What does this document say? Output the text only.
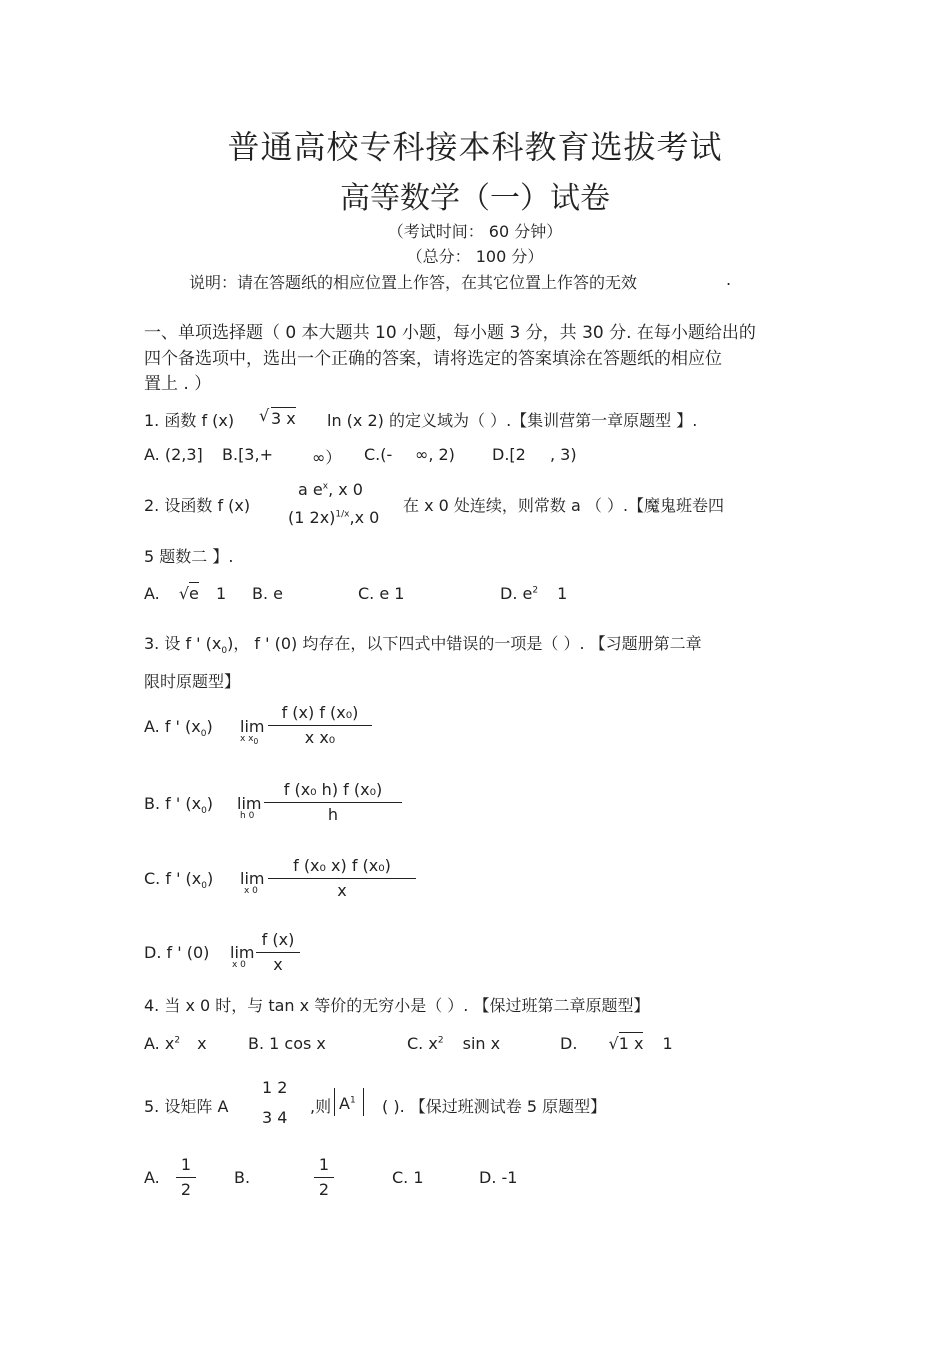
普通高校专科接本科教育选拔考试
高等数学（一）试卷
（考试时间： 60 分钟）
（总分： 100 分）
说明：请在答题纸的相应位置上作答，在其它位置上作答的无效	.
一、单项选择题（ 0 本大题共 10 小题，每小题 3 分，共 30 分. 在每小题给出的
四个备选项中，选出一个正确的答案，请将选定的答案填涂在答题纸的相应位
置上 . ）
1. 函数 f (x) √ 3 x ln (x 2) 的定义域为（ ）.【集训营第一章原题型 】.
A. (2,3] B.[3,+ ∞） C.(- ∞, 2) D.[2 , 3)
2. 设函数 f (x)
a $e^x$, x 0
(1 2x)$^{1/x}$,x 0
在 x 0 处连续，则常数 a （ ）.【魔鬼班卷四
5 题数二 】.
A. √e 1 B. e	C. e 1	D. $e^2$ 1
3. 设 f ' $(x_0)$， f ' (0) 均存在，以下四式中错误的一项是（ ）. 【习题册第二章
限时原题型】
A. f ' $(x_0)$ lim
x $x_0$
f (x) f (x₀)
x x₀
B. f ' $(x_0)$ lim
h 0
f (x₀ h) f (x₀)
h
C. f ' $(x_0)$ lim
x 0
f (x₀ x) f (x₀)
x
D. f ' (0) lim
x 0
f (x)
x
4. 当 x 0 时，与 tan x 等价的无穷小是（ ）. 【保过班第二章原题型】
A. $x^2$ x	B. 1 cos x	C. $x^2$ sin x	D. √1 x 1
5. 设矩阵 A
1 2
3 4
,则 $A^1$ ( ). 【保过班测试卷 5 原题型】
A.
1
2
B.
1
2
C. 1	D. -1
